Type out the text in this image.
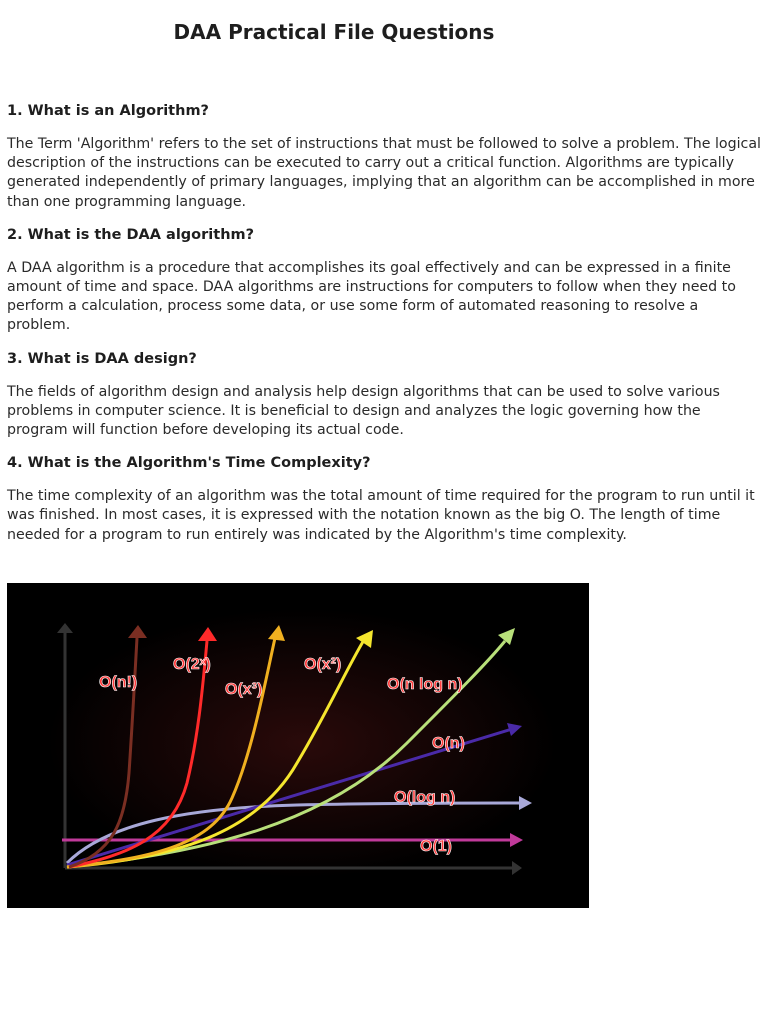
DAA Practical File Questions
1. What is an Algorithm?
The Term 'Algorithm' refers to the set of instructions that must be followed to solve a problem. The logical description of the instructions can be executed to carry out a critical function. Algorithms are typically generated independently of primary languages, implying that an algorithm can be accomplished in more than one programming language.
2. What is the DAA algorithm?
A DAA algorithm is a procedure that accomplishes its goal effectively and can be expressed in a finite amount of time and space. DAA algorithms are instructions for computers to follow when they need to perform a calculation, process some data, or use some form of automated reasoning to resolve a problem.
3. What is DAA design?
The fields of algorithm design and analysis help design algorithms that can be used to solve various problems in computer science. It is beneficial to design and analyzes the logic governing how the program will function before developing its actual code.
4. What is the Algorithm's Time Complexity?
The time complexity of an algorithm was the total amount of time required for the program to run until it was finished. In most cases, it is expressed with the notation known as the big O. The length of time needed for a program to run entirely was indicated by the Algorithm's time complexity.
O(n!)
O(2ˣ)
O(x³)
O(x²)
O(n log n)
O(n)
O(log n)
O(1)
